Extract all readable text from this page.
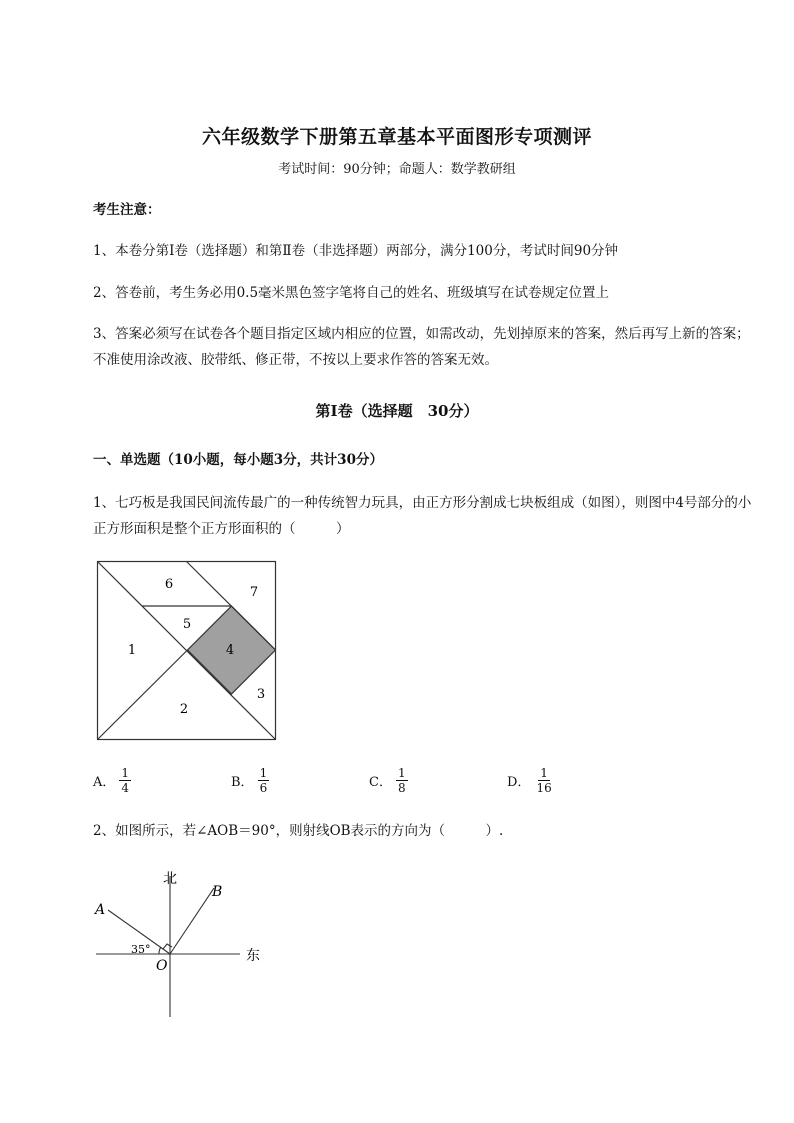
六年级数学下册第五章基本平面图形专项测评
考试时间：90分钟；命题人：数学教研组
考生注意：
1、本卷分第I卷（选择题）和第Ⅱ卷（非选择题）两部分，满分100分，考试时间90分钟
2、答卷前，考生务必用0.5毫米黑色签字笔将自己的姓名、班级填写在试卷规定位置上
3、答案必须写在试卷各个题目指定区域内相应的位置，如需改动，先划掉原来的答案，然后再写上新的答案；不准使用涂改液、胶带纸、修正带，不按以上要求作答的答案无效。
第I卷（选择题　30分）
一、单选题（10小题，每小题3分，共计30分）
1、七巧板是我国民间流传最广的一种传统智力玩具，由正方形分割成七块板组成（如图），则图中4号部分的小正方形面积是整个正方形面积的（　　　）
6
7
5
4
1
3
2
A． $\frac{1}{4}$	B． $\frac{1}{6}$	C． $\frac{1}{8}$	D． $\frac{1}{16}$
2、如图所示，若∠AOB＝90°，则射线OB表示的方向为（　　　）.
北
东
A
B
O
35°
